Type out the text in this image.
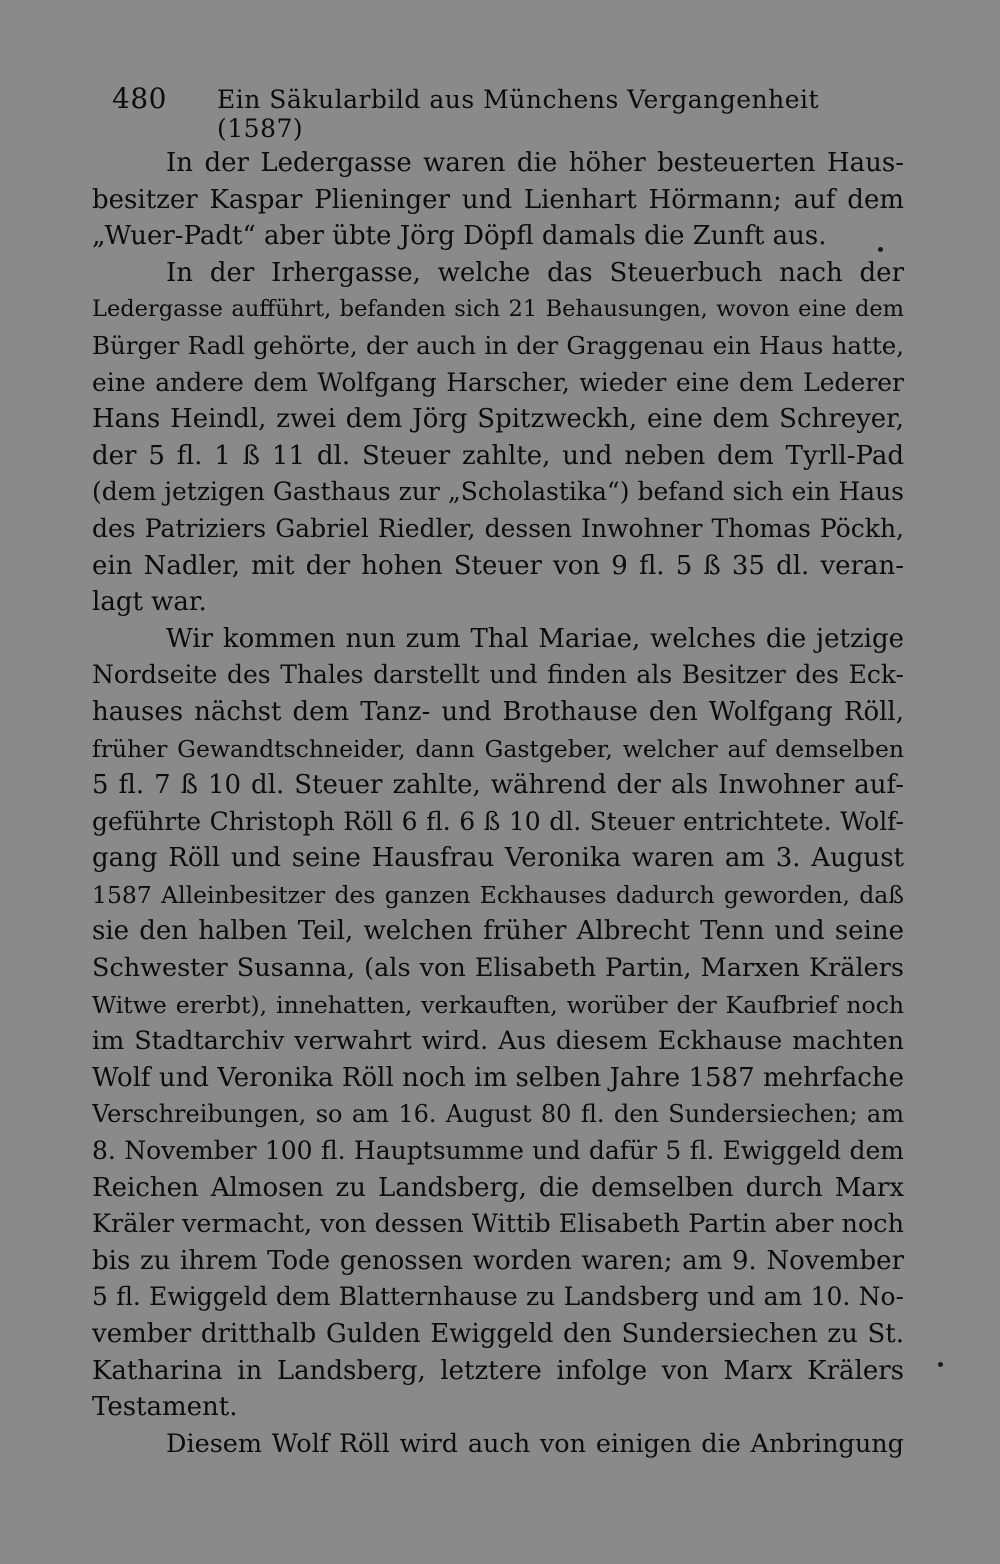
480	Ein Säkularbild aus Münchens Vergangenheit (1587)
In der Ledergasse waren die höher besteuerten Haus-
besitzer Kaspar Plieninger und Lienhart Hörmann; auf dem
„Wuer-Padt“ aber übte Jörg Döpfl damals die Zunft aus.
In der Irhergasse, welche das Steuerbuch nach der
Ledergasse aufführt, befanden sich 21 Behausungen, wovon eine dem
Bürger Radl gehörte, der auch in der Graggenau ein Haus hatte,
eine andere dem Wolfgang Harscher, wieder eine dem Lederer
Hans Heindl, zwei dem Jörg Spitzweckh, eine dem Schreyer,
der 5 fl. 1 ß 11 dl. Steuer zahlte, und neben dem Tyrll-Pad
(dem jetzigen Gasthaus zur „Scholastika“) befand sich ein Haus
des Patriziers Gabriel Riedler, dessen Inwohner Thomas Pöckh,
ein Nadler, mit der hohen Steuer von 9 fl. 5 ß 35 dl. veran-
lagt war.
Wir kommen nun zum Thal Mariae, welches die jetzige
Nordseite des Thales darstellt und finden als Besitzer des Eck-
hauses nächst dem Tanz- und Brothause den Wolfgang Röll,
früher Gewandtschneider, dann Gastgeber, welcher auf demselben
5 fl. 7 ß 10 dl. Steuer zahlte, während der als Inwohner auf-
geführte Christoph Röll 6 fl. 6 ß 10 dl. Steuer entrichtete. Wolf-
gang Röll und seine Hausfrau Veronika waren am 3. August
1587 Alleinbesitzer des ganzen Eckhauses dadurch geworden, daß
sie den halben Teil, welchen früher Albrecht Tenn und seine
Schwester Susanna, (als von Elisabeth Partin, Marxen Krälers
Witwe ererbt), innehatten, verkauften, worüber der Kaufbrief noch
im Stadtarchiv verwahrt wird. Aus diesem Eckhause machten
Wolf und Veronika Röll noch im selben Jahre 1587 mehrfache
Verschreibungen, so am 16. August 80 fl. den Sundersiechen; am
8. November 100 fl. Hauptsumme und dafür 5 fl. Ewiggeld dem
Reichen Almosen zu Landsberg, die demselben durch Marx
Kräler vermacht, von dessen Wittib Elisabeth Partin aber noch
bis zu ihrem Tode genossen worden waren; am 9. November
5 fl. Ewiggeld dem Blatternhause zu Landsberg und am 10. No-
vember dritthalb Gulden Ewiggeld den Sundersiechen zu St.
Katharina in Landsberg, letztere infolge von Marx Krälers
Testament.
Diesem Wolf Röll wird auch von einigen die Anbringung
